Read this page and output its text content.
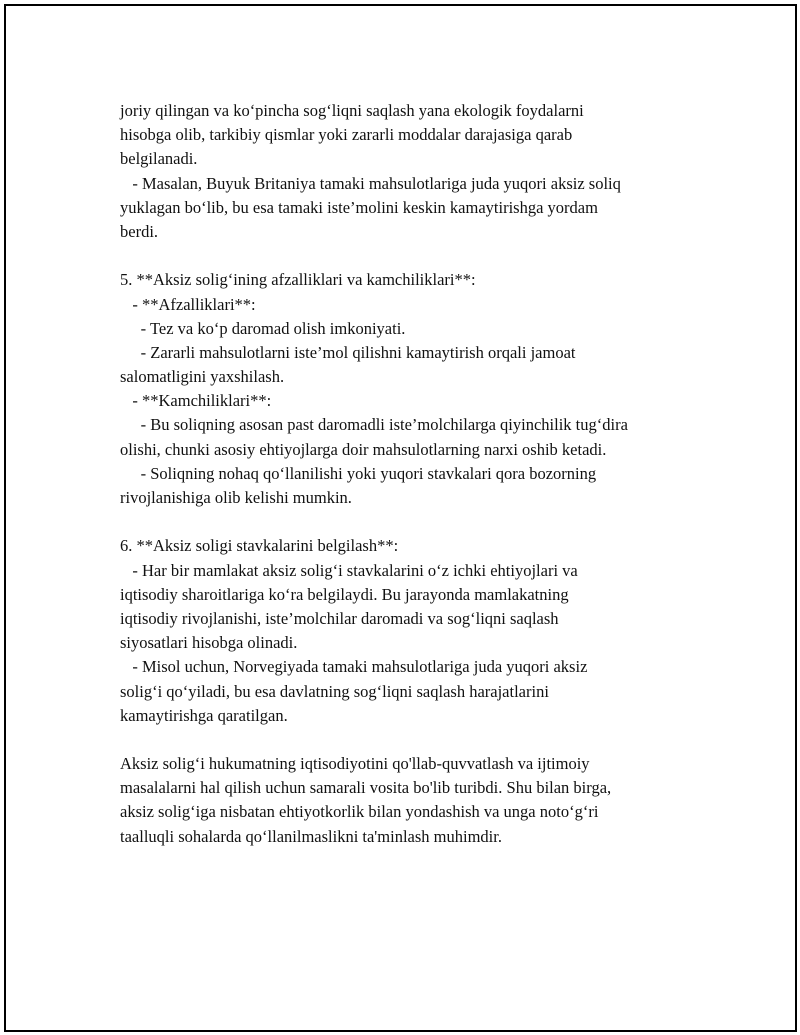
joriy qilingan va ko‘pincha sog‘liqni saqlash yana ekologik foydalarni
hisobga olib, tarkibiy qismlar yoki zararli moddalar darajasiga qarab
belgilanadi.
- Masalan, Buyuk Britaniya tamaki mahsulotlariga juda yuqori aksiz soliq
yuklagan bo‘lib, bu esa tamaki iste’molini keskin kamaytirishga yordam
berdi.
5. **Aksiz solig‘ining afzalliklari va kamchiliklari**:
- **Afzalliklari**:
- Tez va ko‘p daromad olish imkoniyati.
- Zararli mahsulotlarni iste’mol qilishni kamaytirish orqali jamoat
salomatligini yaxshilash.
- **Kamchiliklari**:
- Bu soliqning asosan past daromadli iste’molchilarga qiyinchilik tug‘dira
olishi, chunki asosiy ehtiyojlarga doir mahsulotlarning narxi oshib ketadi.
- Soliqning nohaq qo‘llanilishi yoki yuqori stavkalari qora bozorning
rivojlanishiga olib kelishi mumkin.
6. **Aksiz soligi stavkalarini belgilash**:
- Har bir mamlakat aksiz solig‘i stavkalarini o‘z ichki ehtiyojlari va
iqtisodiy sharoitlariga ko‘ra belgilaydi. Bu jarayonda mamlakatning
iqtisodiy rivojlanishi, iste’molchilar daromadi va sog‘liqni saqlash
siyosatlari hisobga olinadi.
- Misol uchun, Norvegiyada tamaki mahsulotlariga juda yuqori aksiz
solig‘i qo‘yiladi, bu esa davlatning sog‘liqni saqlash harajatlarini
kamaytirishga qaratilgan.
Aksiz solig‘i hukumatning iqtisodiyotini qo'llab-quvvatlash va ijtimoiy
masalalarni hal qilish uchun samarali vosita bo'lib turibdi. Shu bilan birga,
aksiz solig‘iga nisbatan ehtiyotkorlik bilan yondashish va unga noto‘g‘ri
taalluqli sohalarda qo‘llanilmaslikni ta'minlash muhimdir.
